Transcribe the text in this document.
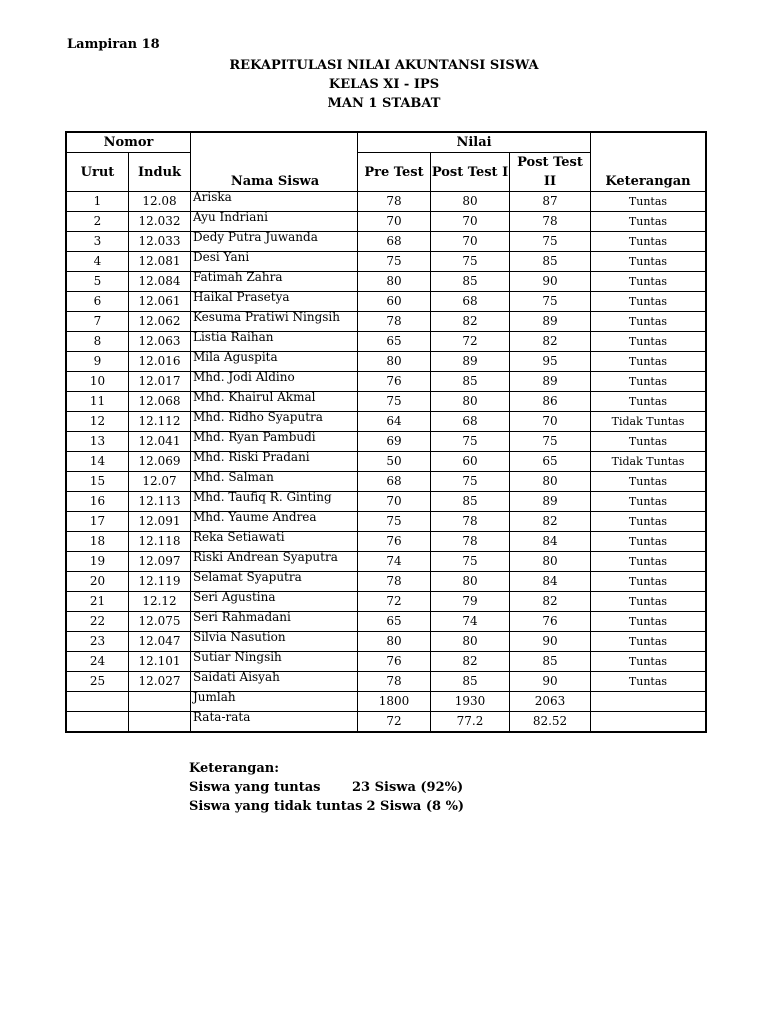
Lampiran 18
REKAPITULASI NILAI AKUNTANSI SISWA
KELAS XI - IPS
MAN 1 STABAT
Nomor		Nama Siswa	Nilai			Keterangan
Urut	Induk		Pre Test	Post Test I	Post Test II	
1	12.08	Ariska	78	80	87	Tuntas
2	12.032	Ayu Indriani	70	70	78	Tuntas
3	12.033	Dedy Putra Juwanda	68	70	75	Tuntas
4	12.081	Desi Yani	75	75	85	Tuntas
5	12.084	Fatimah Zahra	80	85	90	Tuntas
6	12.061	Haikal Prasetya	60	68	75	Tuntas
7	12.062	Kesuma Pratiwi Ningsih	78	82	89	Tuntas
8	12.063	Listia Raihan	65	72	82	Tuntas
9	12.016	Mila Aguspita	80	89	95	Tuntas
10	12.017	Mhd. Jodi Aldino	76	85	89	Tuntas
11	12.068	Mhd. Khairul Akmal	75	80	86	Tuntas
12	12.112	Mhd. Ridho Syaputra	64	68	70	Tidak Tuntas
13	12.041	Mhd. Ryan Pambudi	69	75	75	Tuntas
14	12.069	Mhd. Riski Pradani	50	60	65	Tidak Tuntas
15	12.07	Mhd. Salman	68	75	80	Tuntas
16	12.113	Mhd. Taufiq R. Ginting	70	85	89	Tuntas
17	12.091	Mhd. Yaume Andrea	75	78	82	Tuntas
18	12.118	Reka Setiawati	76	78	84	Tuntas
19	12.097	Riski Andrean Syaputra	74	75	80	Tuntas
20	12.119	Selamat Syaputra	78	80	84	Tuntas
21	12.12	Seri Agustina	72	79	82	Tuntas
22	12.075	Seri Rahmadani	65	74	76	Tuntas
23	12.047	Silvia Nasution	80	80	90	Tuntas
24	12.101	Sutiar Ningsih	76	82	85	Tuntas
25	12.027	Saidati Aisyah	78	85	90	Tuntas
		Jumlah	1800	1930	2063	
		Rata-rata	72	77.2	82.52	
Keterangan:
Siswa yang tuntas	23 Siswa (92%)
Siswa yang tidak tuntas 2 Siswa (8 %)
